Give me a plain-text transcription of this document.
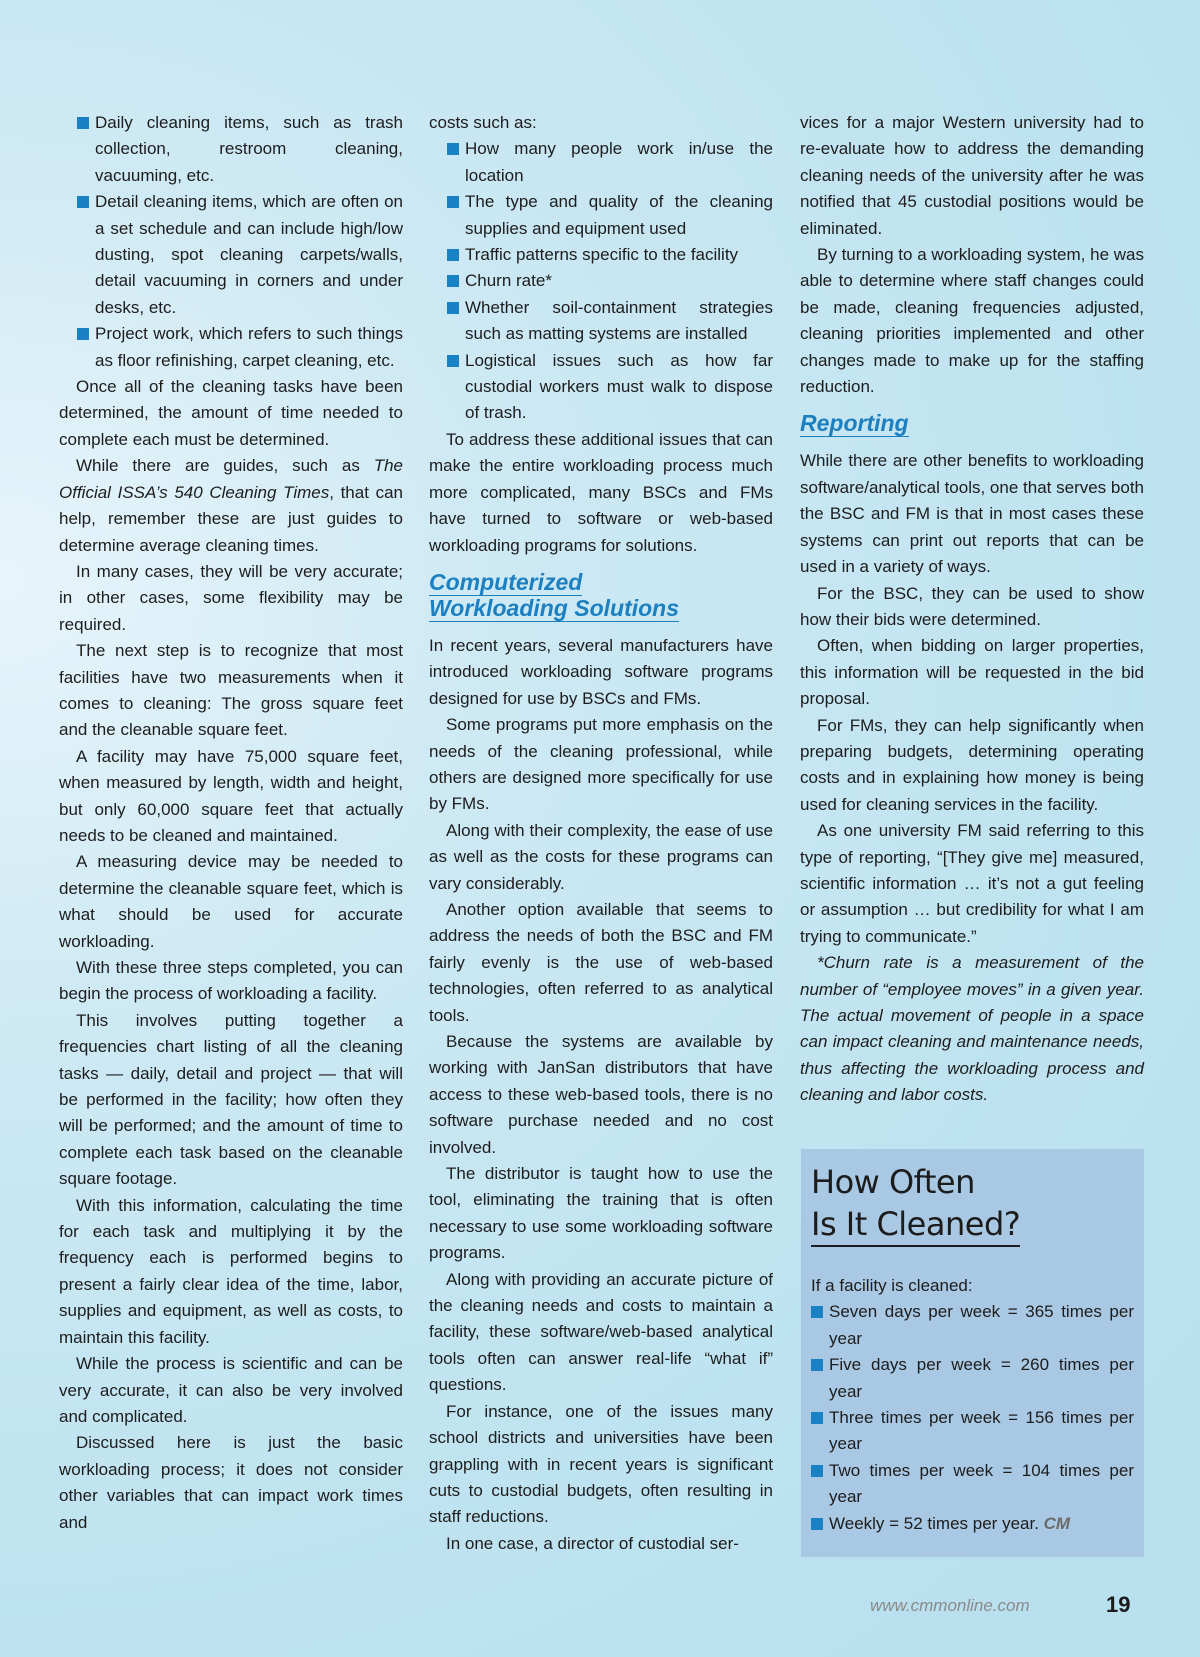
Daily cleaning items, such as trash collection, restroom cleaning, vacuuming, etc.
Detail cleaning items, which are often on a set schedule and can include high/low dusting, spot cleaning carpets/walls, detail vacuuming in corners and under desks, etc.
Project work, which refers to such things as floor refinishing, carpet cleaning, etc.

Once all of the cleaning tasks have been determined, the amount of time needed to complete each must be determined.

While there are guides, such as The Official ISSA’s 540 Cleaning Times, that can help, remember these are just guides to determine average cleaning times.

In many cases, they will be very accurate; in other cases, some flexibility may be required.

The next step is to recognize that most facilities have two measurements when it comes to cleaning: The gross square feet and the cleanable square feet.

A facility may have 75,000 square feet, when measured by length, width and height, but only 60,000 square feet that actually needs to be cleaned and maintained.

A measuring device may be needed to determine the cleanable square feet, which is what should be used for accurate workloading.

With these three steps completed, you can begin the process of workloading a facility.

This involves putting together a frequencies chart listing of all the cleaning tasks — daily, detail and project — that will be performed in the facility; how often they will be performed; and the amount of time to complete each task based on the cleanable square footage.

With this information, calculating the time for each task and multiplying it by the frequency each is performed begins to present a fairly clear idea of the time, labor, supplies and equipment, as well as costs, to maintain this facility.

While the process is scientific and can be very accurate, it can also be very involved and complicated.

Discussed here is just the basic workloading process; it does not consider other variables that can impact work times and

costs such as:

How many people work in/use the location
The type and quality of the cleaning supplies and equipment used
Traffic patterns specific to the facility
Churn rate*
Whether soil-containment strategies such as matting systems are installed
Logistical issues such as how far custodial workers must walk to dispose of trash.

To address these additional issues that can make the entire workloading process much more complicated, many BSCs and FMs have turned to software or web-based workloading programs for solutions.

Computerized
Workloading Solutions

In recent years, several manufacturers have introduced workloading software programs designed for use by BSCs and FMs.

Some programs put more emphasis on the needs of the cleaning professional, while others are designed more specifically for use by FMs.

Along with their complexity, the ease of use as well as the costs for these programs can vary considerably.

Another option available that seems to address the needs of both the BSC and FM fairly evenly is the use of web-based technologies, often referred to as analytical tools.

Because the systems are available by working with JanSan distributors that have access to these web-based tools, there is no software purchase needed and no cost involved.

The distributor is taught how to use the tool, eliminating the training that is often necessary to use some workloading software programs.

Along with providing an accurate picture of the cleaning needs and costs to maintain a facility, these software/web-based analytical tools often can answer real-life “what if” questions.

For instance, one of the issues many school districts and universities have been grappling with in recent years is significant cuts to custodial budgets, often resulting in staff reductions.

In one case, a director of custodial ser-

vices for a major Western university had to re-evaluate how to address the demanding cleaning needs of the university after he was notified that 45 custodial positions would be eliminated.

By turning to a workloading system, he was able to determine where staff changes could be made, cleaning frequencies adjusted, cleaning priorities implemented and other changes made to make up for the staffing reduction.

Reporting

While there are other benefits to workloading software/analytical tools, one that serves both the BSC and FM is that in most cases these systems can print out reports that can be used in a variety of ways.

For the BSC, they can be used to show how their bids were determined.

Often, when bidding on larger properties, this information will be requested in the bid proposal.

For FMs, they can help significantly when preparing budgets, determining operating costs and in explaining how money is being used for cleaning services in the facility.

As one university FM said referring to this type of reporting, “[They give me] measured, scientific information … it’s not a gut feeling or assumption … but credibility for what I am trying to communicate.”

*Churn rate is a measurement of the number of “employee moves” in a given year. The actual movement of people in a space can impact cleaning and maintenance needs, thus affecting the workloading process and cleaning and labor costs.

How Often
Is It Cleaned?

If a facility is cleaned:

Seven days per week = 365 times per year
Five days per week = 260 times per year
Three times per week = 156 times per year
Two times per week = 104 times per year
Weekly = 52 times per year. CM
www.cmmonline.com	19
